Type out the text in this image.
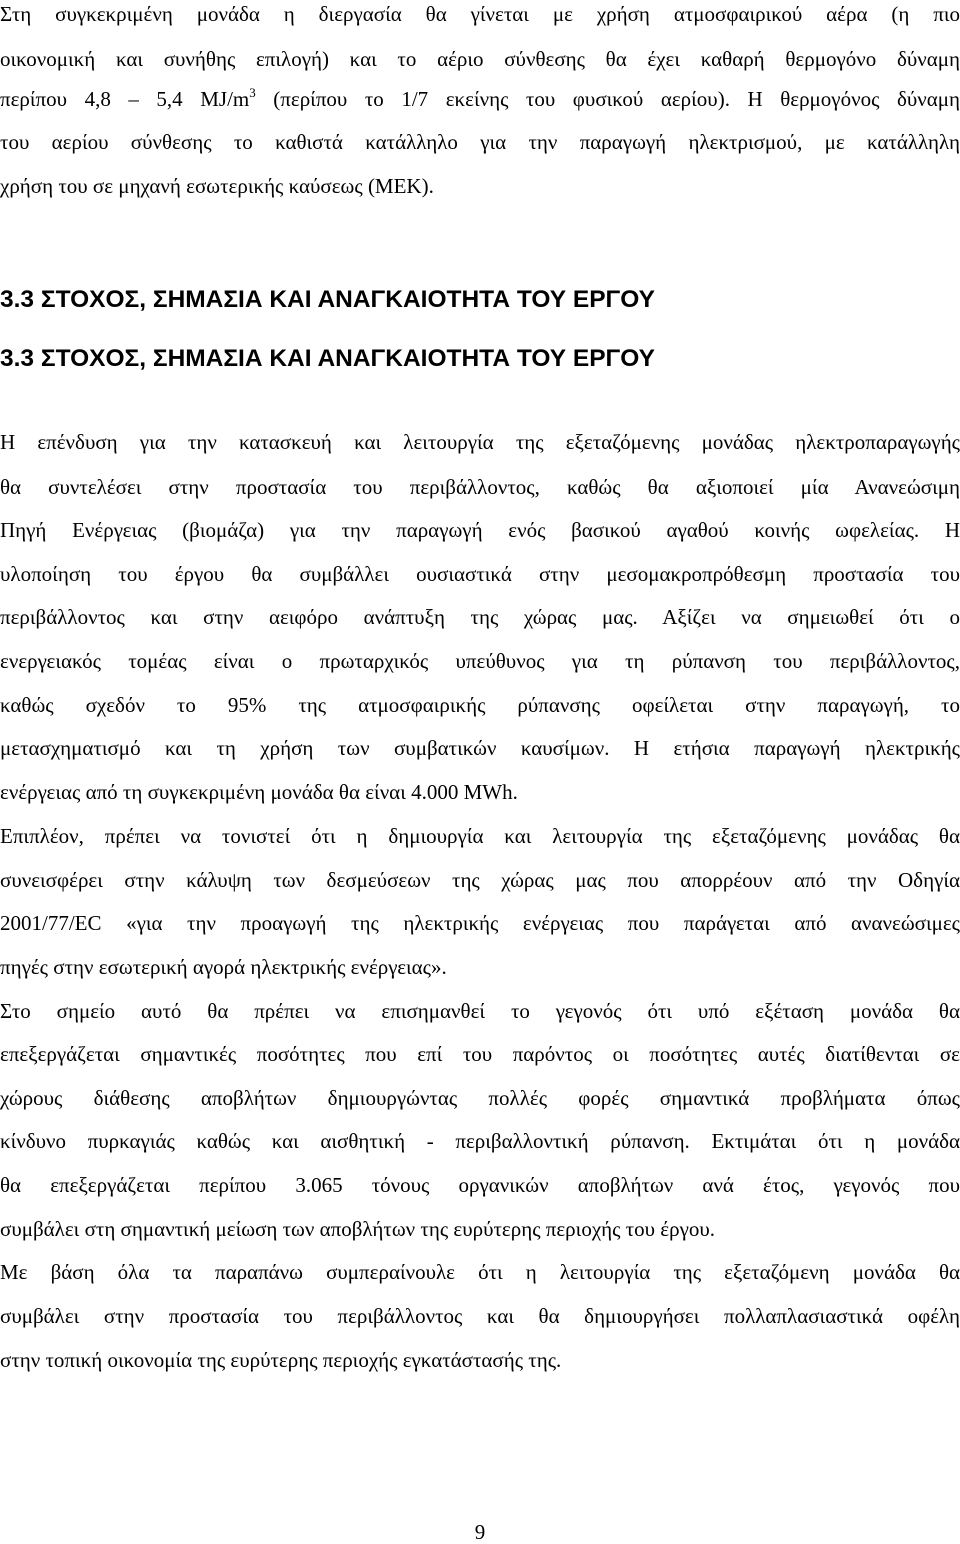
Στη συγκεκριμένη μονάδα η διεργασία θα γίνεται με χρήση ατμοσφαιρικού αέρα (η πιο

οικονομική και συνήθης επιλογή) και το αέριο σύνθεσης θα έχει καθαρή θερμογόνο δύναμη

περίπου 4,8 – 5,4 $MJ/m^3$ (περίπου το 1/7 εκείνης του φυσικού αερίου). Η θερμογόνος δύναμη

του αερίου σύνθεσης το καθιστά κατάλληλο για την παραγωγή ηλεκτρισμού, με κατάλληλη

χρήση του σε μηχανή εσωτερικής καύσεως (ΜΕΚ).

3.3 ΣΤΟΧΟΣ, ΣΗΜΑΣΙΑ ΚΑΙ ΑΝΑΓΚΑΙΟΤΗΤΑ ΤΟΥ ΕΡΓΟΥ
3.3 ΣΤΟΧΟΣ, ΣΗΜΑΣΙΑ ΚΑΙ ΑΝΑΓΚΑΙΟΤΗΤΑ ΤΟΥ ΕΡΓΟΥ

Η επένδυση για την κατασκευή και λειτουργία της εξεταζόμενης μονάδας ηλεκτροπαραγωγής

θα συντελέσει στην προστασία του περιβάλλοντος, καθώς θα αξιοποιεί μία Ανανεώσιμη

Πηγή Ενέργειας (βιομάζα) για την παραγωγή ενός βασικού αγαθού κοινής ωφελείας. Η

υλοποίηση του έργου θα συμβάλλει ουσιαστικά στην μεσομακροπρόθεσμη προστασία του

περιβάλλοντος και στην αειφόρο ανάπτυξη της χώρας μας. Αξίζει να σημειωθεί ότι ο

ενεργειακός τομέας είναι ο πρωταρχικός υπεύθυνος για τη ρύπανση του περιβάλλοντος,

καθώς σχεδόν το 95% της ατμοσφαιρικής ρύπανσης οφείλεται στην παραγωγή, το

μετασχηματισμό και τη χρήση των συμβατικών καυσίμων. Η ετήσια παραγωγή ηλεκτρικής

ενέργειας από τη συγκεκριμένη μονάδα θα είναι 4.000 MWh.

Επιπλέον, πρέπει να τονιστεί ότι η δημιουργία και λειτουργία της εξεταζόμενης μονάδας θα

συνεισφέρει στην κάλυψη των δεσμεύσεων της χώρας μας που απορρέουν από την Οδηγία

2001/77/ΕC «για την προαγωγή της ηλεκτρικής ενέργειας που παράγεται από ανανεώσιμες

πηγές στην εσωτερική αγορά ηλεκτρικής ενέργειας».

Στο σημείο αυτό θα πρέπει να επισημανθεί το γεγονός ότι υπό εξέταση μονάδα θα

επεξεργάζεται σημαντικές ποσότητες που επί του παρόντος οι ποσότητες αυτές διατίθενται σε

χώρους διάθεσης αποβλήτων δημιουργώντας πολλές φορές σημαντικά προβλήματα όπως

κίνδυνο πυρκαγιάς καθώς και αισθητική - περιβαλλοντική ρύπανση. Εκτιμάται ότι η μονάδα

θα επεξεργάζεται περίπου 3.065 τόνους οργανικών αποβλήτων ανά έτος, γεγονός που

συμβάλει στη σημαντική μείωση των αποβλήτων της ευρύτερης περιοχής του έργου.

Με βάση όλα τα παραπάνω συμπεραίνουλε ότι η λειτουργία της εξεταζόμενη μονάδα θα

συμβάλει στην προστασία του περιβάλλοντος και θα δημιουργήσει πολλαπλασιαστικά οφέλη

στην τοπική οικονομία της ευρύτερης περιοχής εγκατάστασής της.

9
